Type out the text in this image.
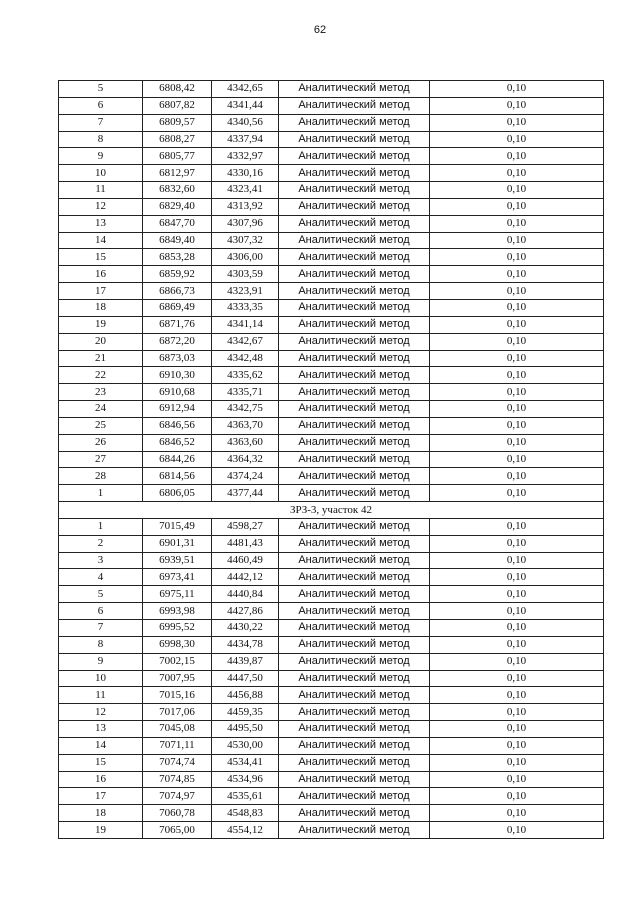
62
5	6808,42	4342,65	Аналитический метод	0,10
6	6807,82	4341,44	Аналитический метод	0,10
7	6809,57	4340,56	Аналитический метод	0,10
8	6808,27	4337,94	Аналитический метод	0,10
9	6805,77	4332,97	Аналитический метод	0,10
10	6812,97	4330,16	Аналитический метод	0,10
11	6832,60	4323,41	Аналитический метод	0,10
12	6829,40	4313,92	Аналитический метод	0,10
13	6847,70	4307,96	Аналитический метод	0,10
14	6849,40	4307,32	Аналитический метод	0,10
15	6853,28	4306,00	Аналитический метод	0,10
16	6859,92	4303,59	Аналитический метод	0,10
17	6866,73	4323,91	Аналитический метод	0,10
18	6869,49	4333,35	Аналитический метод	0,10
19	6871,76	4341,14	Аналитический метод	0,10
20	6872,20	4342,67	Аналитический метод	0,10
21	6873,03	4342,48	Аналитический метод	0,10
22	6910,30	4335,62	Аналитический метод	0,10
23	6910,68	4335,71	Аналитический метод	0,10
24	6912,94	4342,75	Аналитический метод	0,10
25	6846,56	4363,70	Аналитический метод	0,10
26	6846,52	4363,60	Аналитический метод	0,10
27	6844,26	4364,32	Аналитический метод	0,10
28	6814,56	4374,24	Аналитический метод	0,10
1	6806,05	4377,44	Аналитический метод	0,10
ЗРЗ-3, участок 42				
1	7015,49	4598,27	Аналитический метод	0,10
2	6901,31	4481,43	Аналитический метод	0,10
3	6939,51	4460,49	Аналитический метод	0,10
4	6973,41	4442,12	Аналитический метод	0,10
5	6975,11	4440,84	Аналитический метод	0,10
6	6993,98	4427,86	Аналитический метод	0,10
7	6995,52	4430,22	Аналитический метод	0,10
8	6998,30	4434,78	Аналитический метод	0,10
9	7002,15	4439,87	Аналитический метод	0,10
10	7007,95	4447,50	Аналитический метод	0,10
11	7015,16	4456,88	Аналитический метод	0,10
12	7017,06	4459,35	Аналитический метод	0,10
13	7045,08	4495,50	Аналитический метод	0,10
14	7071,11	4530,00	Аналитический метод	0,10
15	7074,74	4534,41	Аналитический метод	0,10
16	7074,85	4534,96	Аналитический метод	0,10
17	7074,97	4535,61	Аналитический метод	0,10
18	7060,78	4548,83	Аналитический метод	0,10
19	7065,00	4554,12	Аналитический метод	0,10
